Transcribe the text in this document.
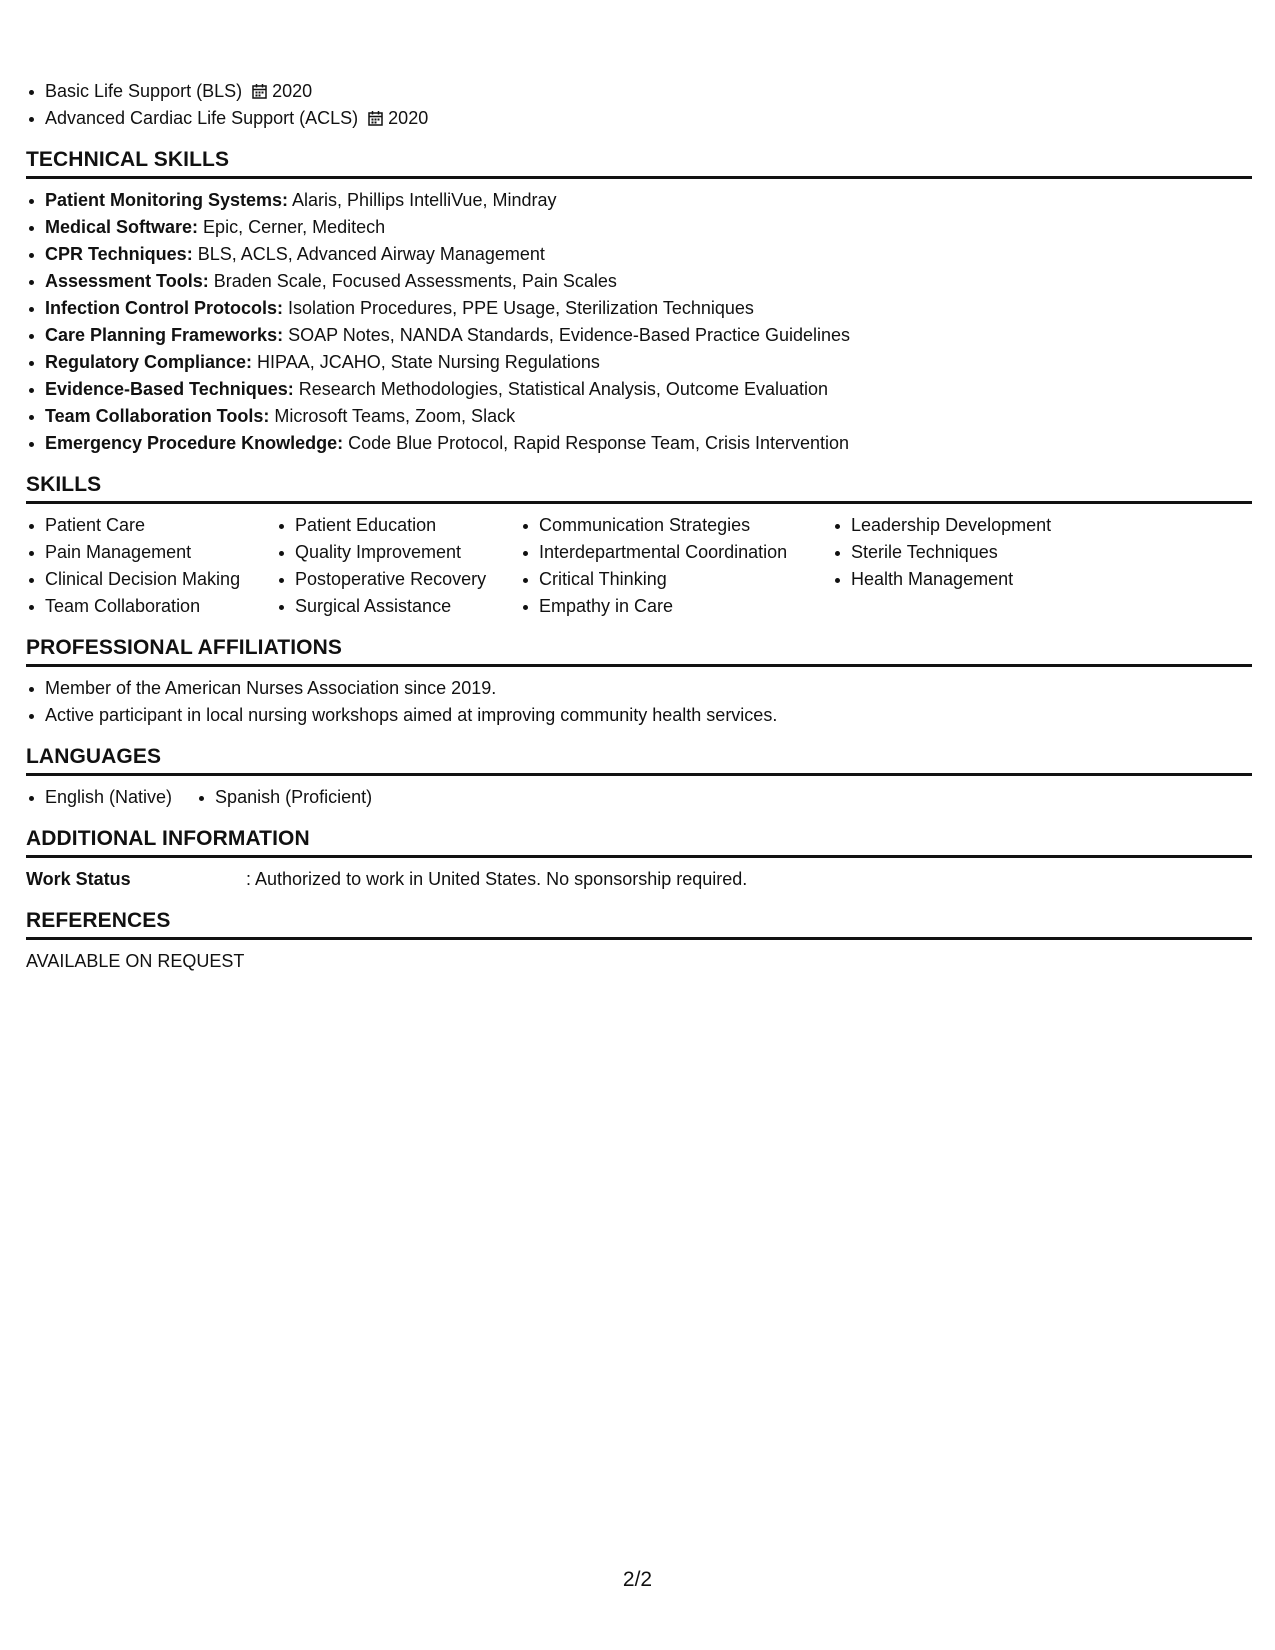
Basic Life Support (BLS) 2020
Advanced Cardiac Life Support (ACLS) 2020
TECHNICAL SKILLS
Patient Monitoring Systems: Alaris, Phillips IntelliVue, Mindray
Medical Software: Epic, Cerner, Meditech
CPR Techniques: BLS, ACLS, Advanced Airway Management
Assessment Tools: Braden Scale, Focused Assessments, Pain Scales
Infection Control Protocols: Isolation Procedures, PPE Usage, Sterilization Techniques
Care Planning Frameworks: SOAP Notes, NANDA Standards, Evidence-Based Practice Guidelines
Regulatory Compliance: HIPAA, JCAHO, State Nursing Regulations
Evidence-Based Techniques: Research Methodologies, Statistical Analysis, Outcome Evaluation
Team Collaboration Tools: Microsoft Teams, Zoom, Slack
Emergency Procedure Knowledge: Code Blue Protocol, Rapid Response Team, Crisis Intervention
SKILLS
Patient Care
Pain Management
Clinical Decision Making
Team Collaboration
Patient Education
Quality Improvement
Postoperative Recovery
Surgical Assistance
Communication Strategies
Interdepartmental Coordination
Critical Thinking
Empathy in Care
Leadership Development
Sterile Techniques
Health Management
PROFESSIONAL AFFILIATIONS
Member of the American Nurses Association since 2019.
Active participant in local nursing workshops aimed at improving community health services.
LANGUAGES
English (Native)	Spanish (Proficient)
ADDITIONAL INFORMATION
Work Status	: Authorized to work in United States. No sponsorship required.
REFERENCES
AVAILABLE ON REQUEST
2/2
